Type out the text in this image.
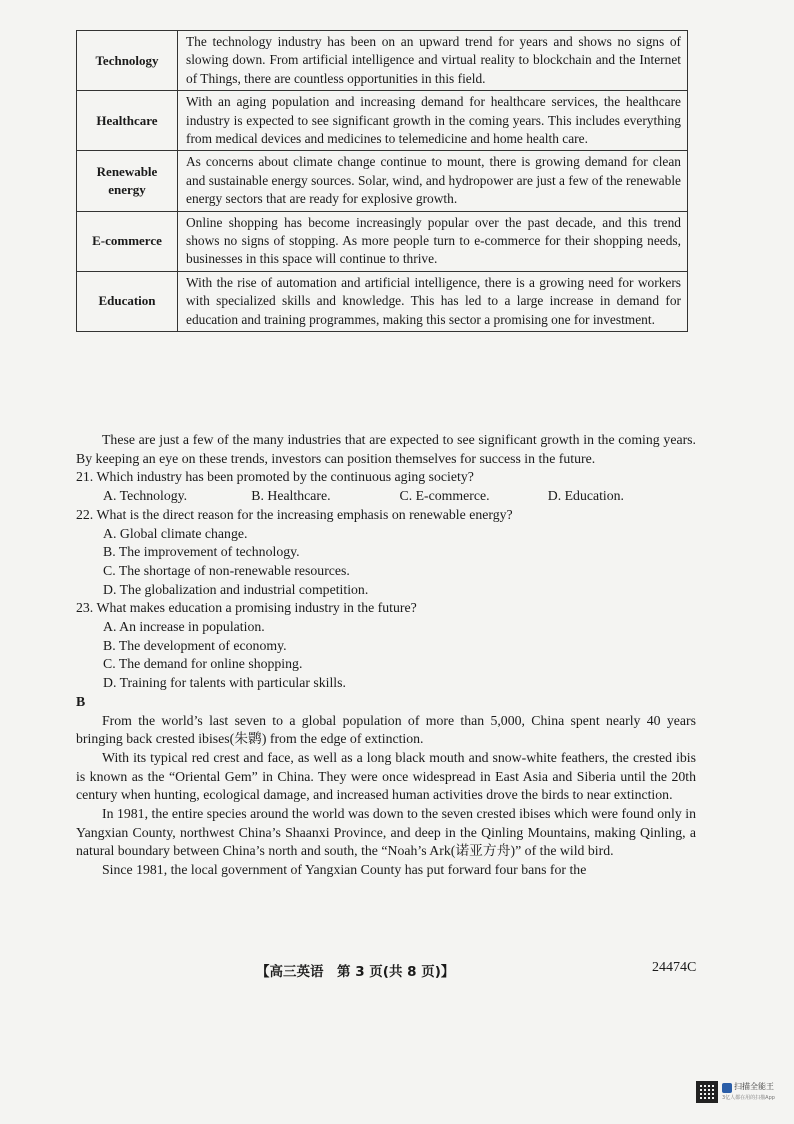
Technology	The technology industry has been on an upward trend for years and shows no signs of slowing down. From artificial intelligence and virtual reality to blockchain and the Internet of Things, there are countless opportunities in this field.
Healthcare	With an aging population and increasing demand for healthcare services, the healthcare industry is expected to see significant growth in the coming years. This includes everything from medical devices and medicines to telemedicine and home health care.
Renewable energy	As concerns about climate change continue to mount, there is growing demand for clean and sustainable energy sources. Solar, wind, and hydropower are just a few of the renewable energy sectors that are ready for explosive growth.
E-commerce	Online shopping has become increasingly popular over the past decade, and this trend shows no signs of stopping. As more people turn to e-commerce for their shopping needs, businesses in this space will continue to thrive.
Education	With the rise of automation and artificial intelligence, there is a growing need for workers with specialized skills and knowledge. This has led to a large increase in demand for education and training programmes, making this sector a promising one for investment.

These are just a few of the many industries that are expected to see significant growth in the coming years. By keeping an eye on these trends, investors can position themselves for success in the future.

21. Which industry has been promoted by the continuous aging society?

A. Technology.	B. Healthcare.	C. E-commerce.	D. Education.

22. What is the direct reason for the increasing emphasis on renewable energy?

A. Global climate change.

B. The improvement of technology.

C. The shortage of non-renewable resources.

D. The globalization and industrial competition.

23. What makes education a promising industry in the future?

A. An increase in population.

B. The development of economy.

C. The demand for online shopping.

D. Training for talents with particular skills.

B

From the world’s last seven to a global population of more than 5,000, China spent nearly 40 years bringing back crested ibises(朱鹮) from the edge of extinction.

With its typical red crest and face, as well as a long black mouth and snow-white feathers, the crested ibis is known as the “Oriental Gem” in China. They were once widespread in East Asia and Siberia until the 20th century when hunting, ecological damage, and increased human activities drove the birds to near extinction.

In 1981, the entire species around the world was down to the seven crested ibises which were found only in Yangxian County, northwest China’s Shaanxi Province, and deep in the Qinling Mountains, making Qinling, a natural boundary between China’s north and south, the “Noah’s Ark(诺亚方舟)” of the wild bird.

Since 1981, the local government of Yangxian County has put forward four bans for the

【高三英语　第 3 页(共 8 页)】	24474C
扫描全能王
3亿人都在用的扫描App
